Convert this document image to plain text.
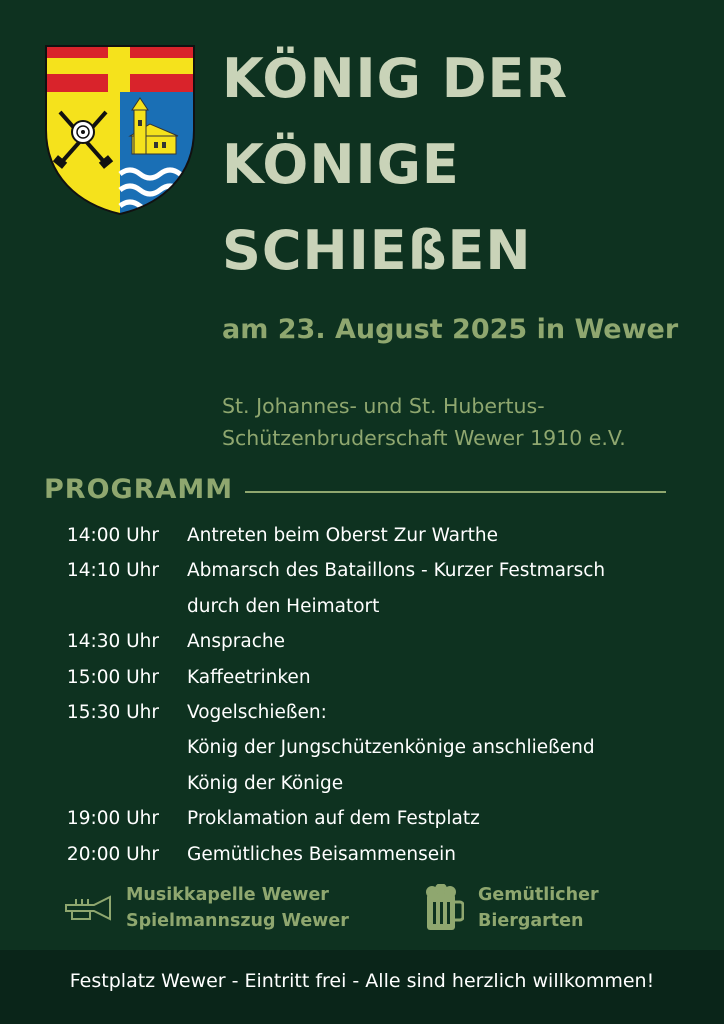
KÖNIG DER
KÖNIGE
SCHIEßEN
am 23. August 2025 in Wewer
St. Johannes- und St. Hubertus-
Schützenbruderschaft Wewer 1910 e.V.
PROGRAMM
14:00 Uhr	Antreten beim Oberst Zur Warthe
14:10 Uhr	Abmarsch des Bataillons - Kurzer Festmarsch
durch den Heimatort
14:30 Uhr	Ansprache
15:00 Uhr	Kaffeetrinken
15:30 Uhr	Vogelschießen:
König der Jungschützenkönige anschließend
König der Könige
19:00 Uhr	Proklamation auf dem Festplatz
20:00 Uhr	Gemütliches Beisammensein
Musikkapelle Wewer
Spielmannszug Wewer
Gemütlicher
Biergarten
Festplatz Wewer - Eintritt frei - Alle sind herzlich willkommen!
